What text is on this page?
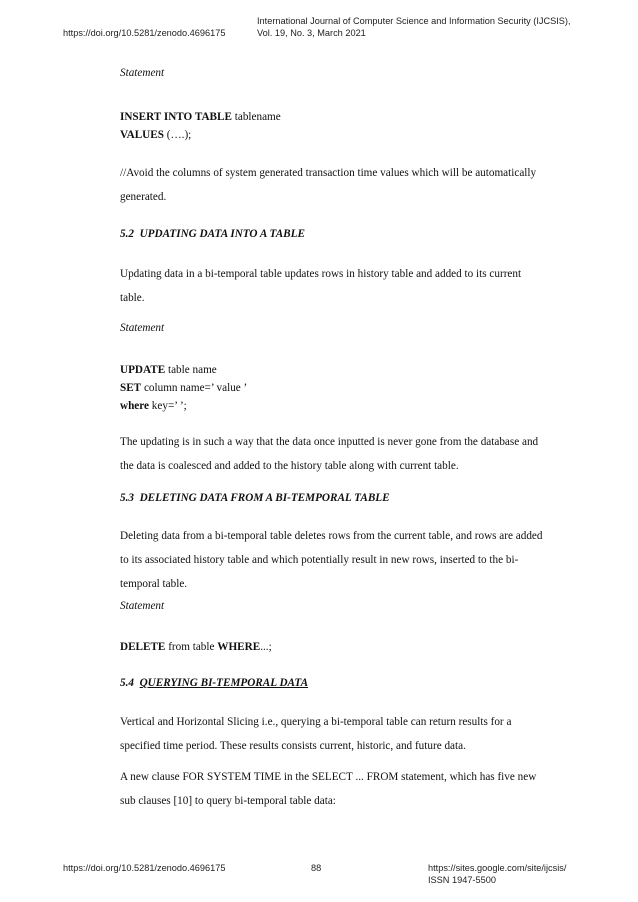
https://doi.org/10.5281/zenodo.4696175
International Journal of Computer Science and Information Security (IJCSIS),
Vol. 19, No. 3, March 2021
Statement
INSERT INTO TABLE tablename
VALUES (….);
//Avoid the columns of system generated transaction time values which will be automatically
generated.
5.2 UPDATING DATA INTO A TABLE
Updating data in a bi-temporal table updates rows in history table and added to its current
table.
Statement
UPDATE table name
SET column name=’ value ’
where key=’ ’;
The updating is in such a way that the data once inputted is never gone from the database and
the data is coalesced and added to the history table along with current table.
5.3 DELETING DATA FROM A BI-TEMPORAL TABLE
Deleting data from a bi-temporal table deletes rows from the current table, and rows are added
to its associated history table and which potentially result in new rows, inserted to the bi-
temporal table.
Statement
DELETE from table WHERE...;
5.4 QUERYING BI-TEMPORAL DATA
Vertical and Horizontal Slicing i.e., querying a bi-temporal table can return results for a
specified time period. These results consists current, historic, and future data.
A new clause FOR SYSTEM TIME in the SELECT ... FROM statement, which has five new
sub clauses [10] to query bi-temporal table data:
https://doi.org/10.5281/zenodo.4696175	88	https://sites.google.com/site/ijcsis/
ISSN 1947-5500
